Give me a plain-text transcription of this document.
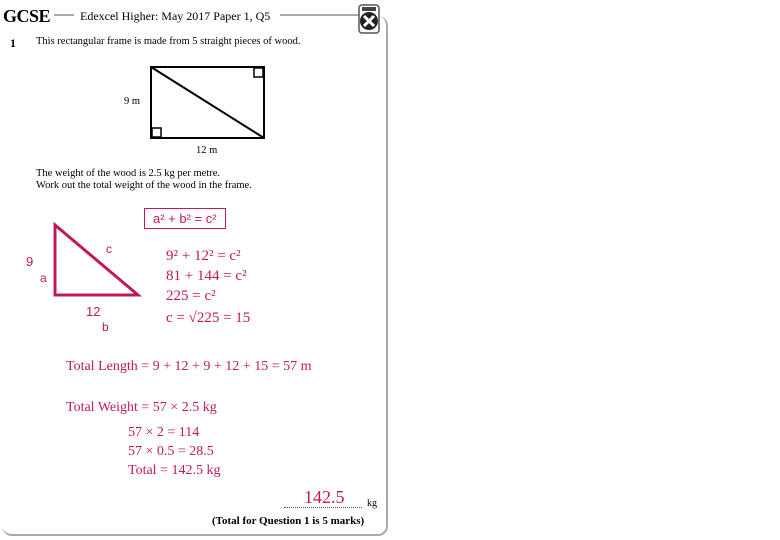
GCSE Edexcel Higher: May 2017 Paper 1, Q5
1 This rectangular frame is made from 5 straight pieces of wood.
9 m
12 m
The weight of the wood is 2.5 kg per metre.
Work out the total weight of the wood in the frame.
a² + b² = c²
9
a
c
12
b
9² + 12² = c²
81 + 144 = c²
225 = c²
c = √225 = 15
Total Length = 9 + 12 + 9 + 12 + 15 = 57 m
Total Weight = 57 × 2.5 kg
57 × 2 = 114
57 × 0.5 = 28.5
Total = 142.5 kg
142.5 kg
(Total for Question 1 is 5 marks)
